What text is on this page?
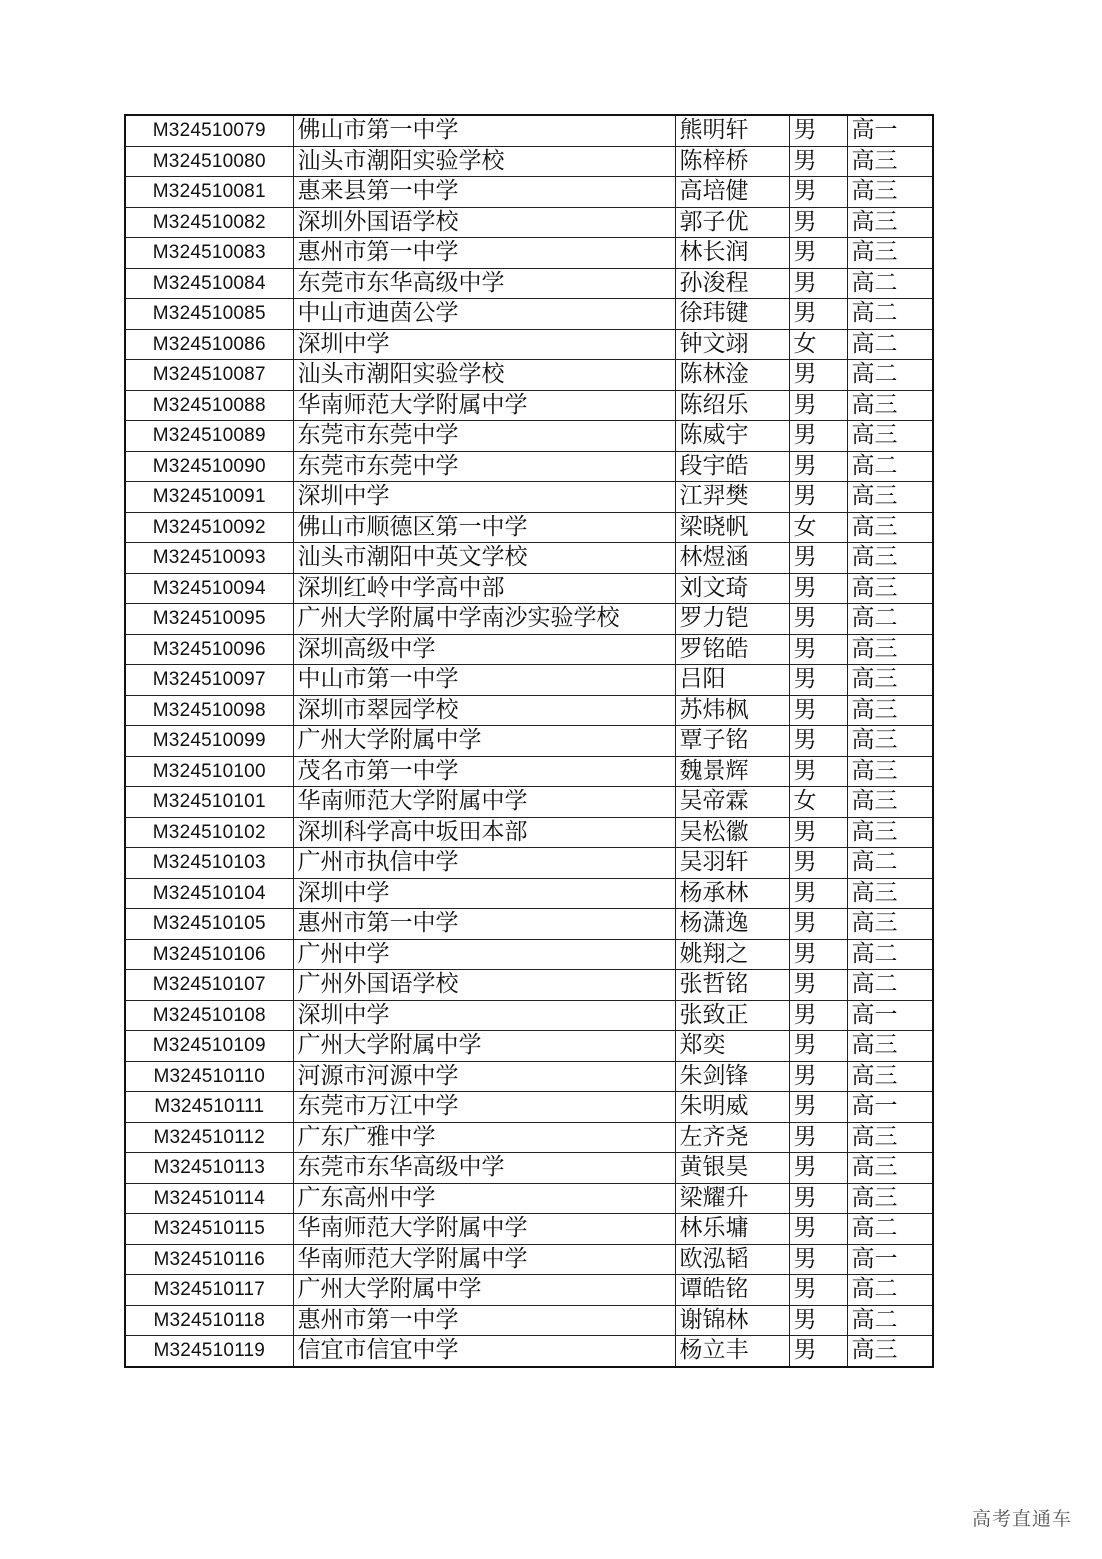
M324510079	佛山市第一中学	熊明轩	男	高一
M324510080	汕头市潮阳实验学校	陈梓桥	男	高三
M324510081	惠来县第一中学	高培健	男	高三
M324510082	深圳外国语学校	郭子优	男	高三
M324510083	惠州市第一中学	林长润	男	高三
M324510084	东莞市东华高级中学	孙浚程	男	高二
M324510085	中山市迪茵公学	徐玮键	男	高二
M324510086	深圳中学	钟文翊	女	高二
M324510087	汕头市潮阳实验学校	陈林淦	男	高二
M324510088	华南师范大学附属中学	陈绍乐	男	高三
M324510089	东莞市东莞中学	陈威宇	男	高三
M324510090	东莞市东莞中学	段宇皓	男	高二
M324510091	深圳中学	江羿樊	男	高三
M324510092	佛山市顺德区第一中学	梁晓帆	女	高三
M324510093	汕头市潮阳中英文学校	林煜涵	男	高三
M324510094	深圳红岭中学高中部	刘文琦	男	高三
M324510095	广州大学附属中学南沙实验学校	罗力铠	男	高二
M324510096	深圳高级中学	罗铭皓	男	高三
M324510097	中山市第一中学	吕阳	男	高三
M324510098	深圳市翠园学校	苏炜枫	男	高三
M324510099	广州大学附属中学	覃子铭	男	高三
M324510100	茂名市第一中学	魏景辉	男	高三
M324510101	华南师范大学附属中学	吴帝霖	女	高三
M324510102	深圳科学高中坂田本部	吴松徽	男	高三
M324510103	广州市执信中学	吴羽轩	男	高二
M324510104	深圳中学	杨承林	男	高三
M324510105	惠州市第一中学	杨潇逸	男	高三
M324510106	广州中学	姚翔之	男	高二
M324510107	广州外国语学校	张哲铭	男	高二
M324510108	深圳中学	张致正	男	高一
M324510109	广州大学附属中学	郑奕	男	高三
M324510110	河源市河源中学	朱剑锋	男	高三
M324510111	东莞市万江中学	朱明威	男	高一
M324510112	广东广雅中学	左齐尧	男	高三
M324510113	东莞市东华高级中学	黄银昊	男	高三
M324510114	广东高州中学	梁耀升	男	高三
M324510115	华南师范大学附属中学	林乐墉	男	高二
M324510116	华南师范大学附属中学	欧泓韬	男	高一
M324510117	广州大学附属中学	谭皓铭	男	高二
M324510118	惠州市第一中学	谢锦林	男	高二
M324510119	信宜市信宜中学	杨立丰	男	高三
高考直通车
